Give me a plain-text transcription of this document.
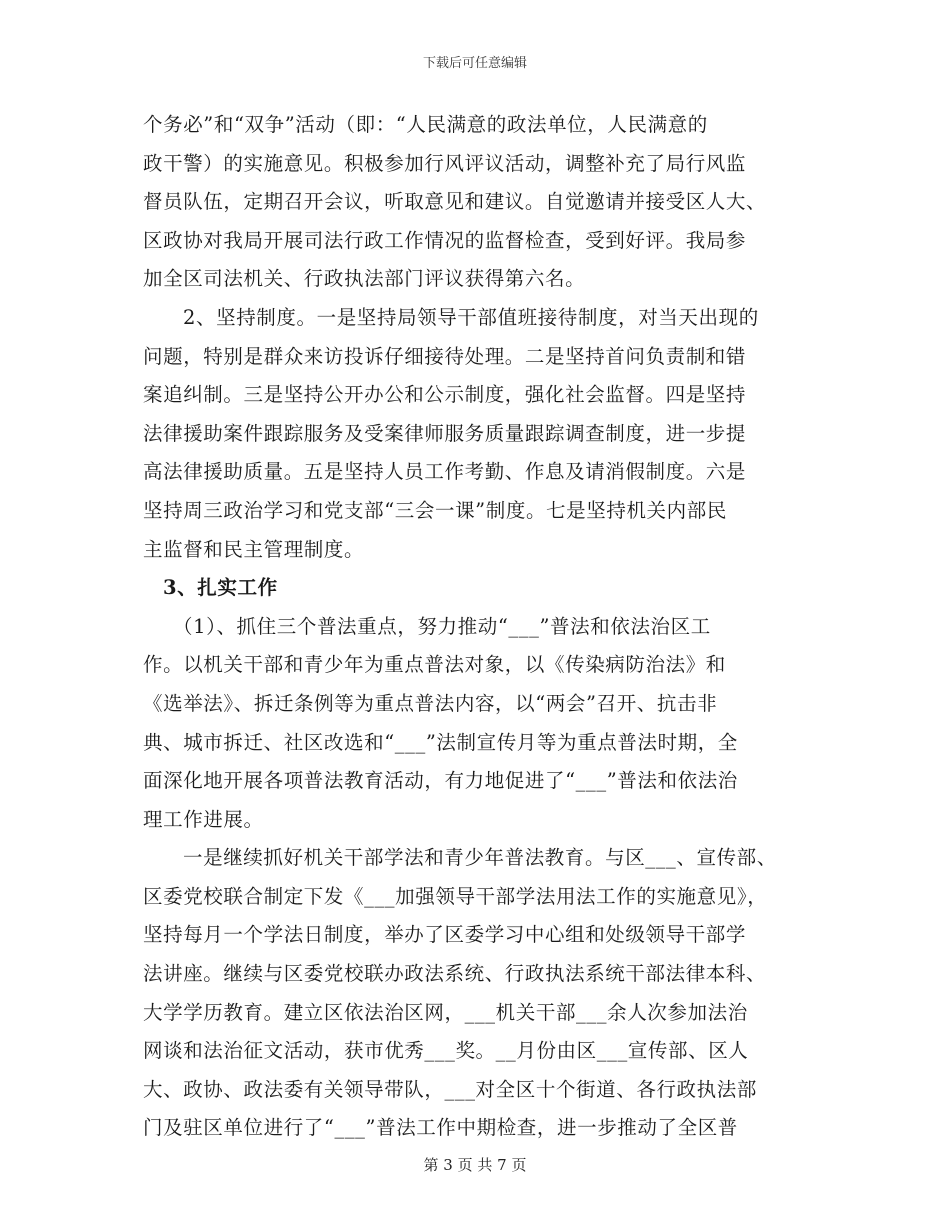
下载后可任意编辑
个务必”和“双争”活动（即：“人民满意的政法单位，人民满意的
政干警）的实施意见。积极参加行风评议活动，调整补充了局行风监
督员队伍，定期召开会议，听取意见和建议。自觉邀请并接受区人大、
区政协对我局开展司法行政工作情况的监督检查，受到好评。我局参
加全区司法机关、行政执法部门评议获得第六名。
2、坚持制度。一是坚持局领导干部值班接待制度，对当天出现的
问题，特别是群众来访投诉仔细接待处理。二是坚持首问负责制和错
案追纠制。三是坚持公开办公和公示制度，强化社会监督。四是坚持
法律援助案件跟踪服务及受案律师服务质量跟踪调查制度，进一步提
高法律援助质量。五是坚持人员工作考勤、作息及请消假制度。六是
坚持周三政治学习和党支部“三会一课”制度。七是坚持机关内部民
主监督和民主管理制度。
3、扎实工作
（1）、抓住三个普法重点，努力推动“___”普法和依法治区工
作。以机关干部和青少年为重点普法对象，以《传染病防治法》和
《选举法》、拆迁条例等为重点普法内容，以“两会”召开、抗击非
典、城市拆迁、社区改选和“___”法制宣传月等为重点普法时期，全
面深化地开展各项普法教育活动，有力地促进了“___”普法和依法治
理工作进展。
一是继续抓好机关干部学法和青少年普法教育。与区___、宣传部、
区委党校联合制定下发《___加强领导干部学法用法工作的实施意见》，
坚持每月一个学法日制度，举办了区委学习中心组和处级领导干部学
法讲座。继续与区委党校联办政法系统、行政执法系统干部法律本科、
大学学历教育。建立区依法治区网，___机关干部___余人次参加法治
网谈和法治征文活动，获市优秀___奖。__月份由区___宣传部、区人
大、政协、政法委有关领导带队，___对全区十个街道、各行政执法部
门及驻区单位进行了“___”普法工作中期检查，进一步推动了全区普
第 3 页 共 7 页
